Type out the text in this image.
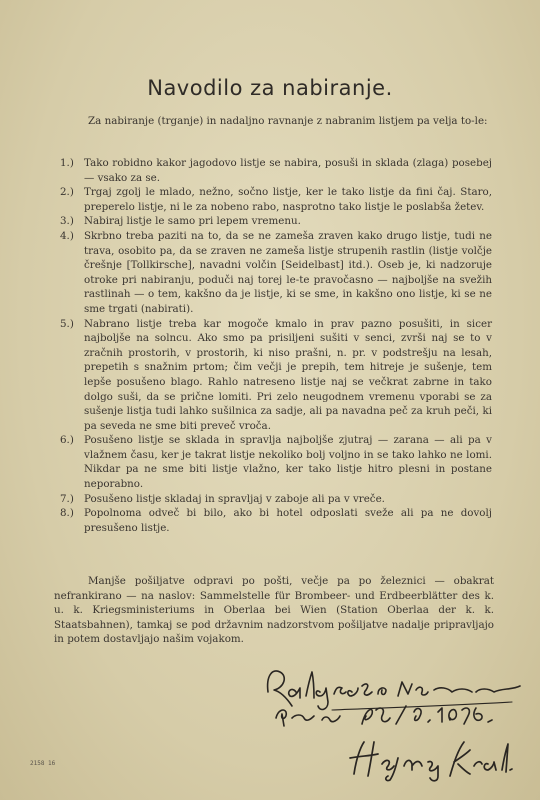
Navodilo za nabiranje.
Za nabiranje (trganje) in nadaljno ravnanje z nabranim listjem pa velja to-le:
1.) Tako robidno kakor jagodovo listje se nabira, posuši in sklada (zlaga) posebej — vsako za se.
2.) Trgaj zgolj le mlado, nežno, sočno listje, ker le tako listje da fini čaj. Staro, preperelo listje, ni le za nobeno rabo, nasprotno tako listje le poslabša žetev.
3.) Nabiraj listje le samo pri lepem vremenu.
4.) Skrbno treba paziti na to, da se ne zameša zraven kako drugo listje, tudi ne trava, osobito pa, da se zraven ne zameša listje strupenih rastlin (listje volčje črešnje [Tollkirsche], navadni volčin [Seidelbast] itd.). Oseb je, ki nadzoruje otroke pri nabiranju, poduči naj torej le-te pravočasno — najboljše na svežih rastlinah — o tem, kakšno da je listje, ki se sme, in kakšno ono listje, ki se ne sme trgati (nabirati).
5.) Nabrano listje treba kar mogoče kmalo in prav pazno posušiti, in sicer najboljše na solncu. Ako smo pa prisiljeni sušiti v senci, zvrši naj se to v zračnih prostorih, v prostorih, ki niso prašni, n. pr. v podstrešju na lesah, prepetih s snažnim prtom; čim večji je prepih, tem hitreje je sušenje, tem lepše posušeno blago. Rahlo natreseno listje naj se večkrat zabrne in tako dolgo suši, da se prične lomiti. Pri zelo neugodnem vremenu vporabi se za sušenje listja tudi lahko sušilnica za sadje, ali pa navadna peč za kruh peči, ki pa seveda ne sme biti preveč vroča.
6.) Posušeno listje se sklada in spravlja najboljše zjutraj — zarana — ali pa v vlažnem času, ker je takrat listje nekoliko bolj voljno in se tako lahko ne lomi. Nikdar pa ne sme biti listje vlažno, ker tako listje hitro plesni in postane neporabno.
7.) Posušeno listje skladaj in spravljaj v zaboje ali pa v vreče.
8.) Popolnoma odveč bi bilo, ako bi hotel odposlati sveže ali pa ne dovolj presušeno listje.
Manjše pošiljatve odpravi po pošti, večje pa po železnici — obakrat nefrankirano — na naslov: Sammelstelle für Brombeer- und Erdbeerblätter des k. u. k. Kriegsministeriums in Oberlaa bei Wien (Station Oberlaa der k. k. Staatsbahnen), tamkaj se pod državnim nadzorstvom pošiljatve nadalje pripravljajo in potem dostavljajo našim vojakom.
2158 16
